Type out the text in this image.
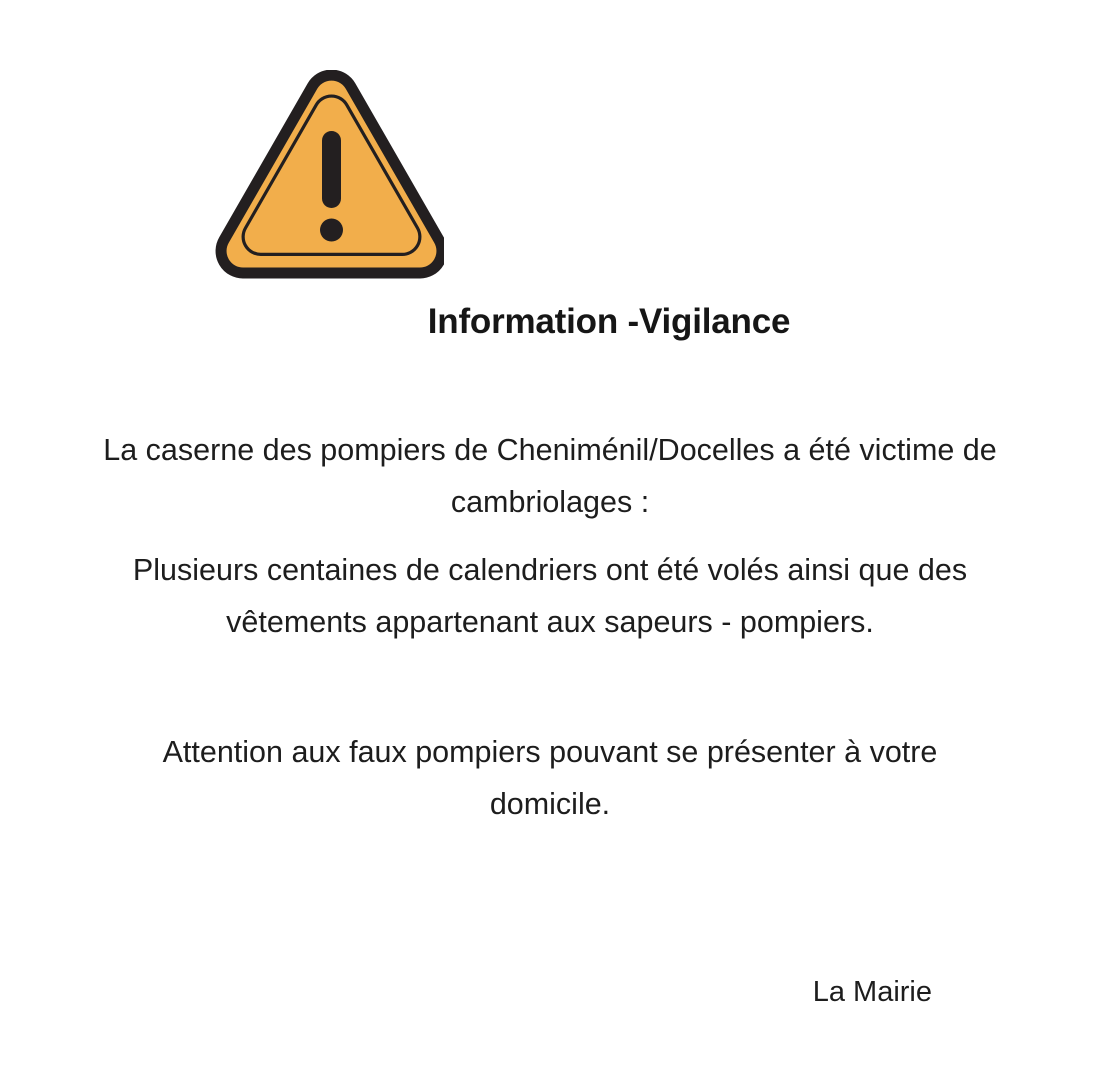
Information -Vigilance

La caserne des pompiers de Cheniménil/Docelles a été victime de cambriolages :

Plusieurs centaines de calendriers ont été volés ainsi que des vêtements appartenant aux sapeurs - pompiers.

Attention aux faux pompiers pouvant se présenter à votre domicile.

La Mairie
